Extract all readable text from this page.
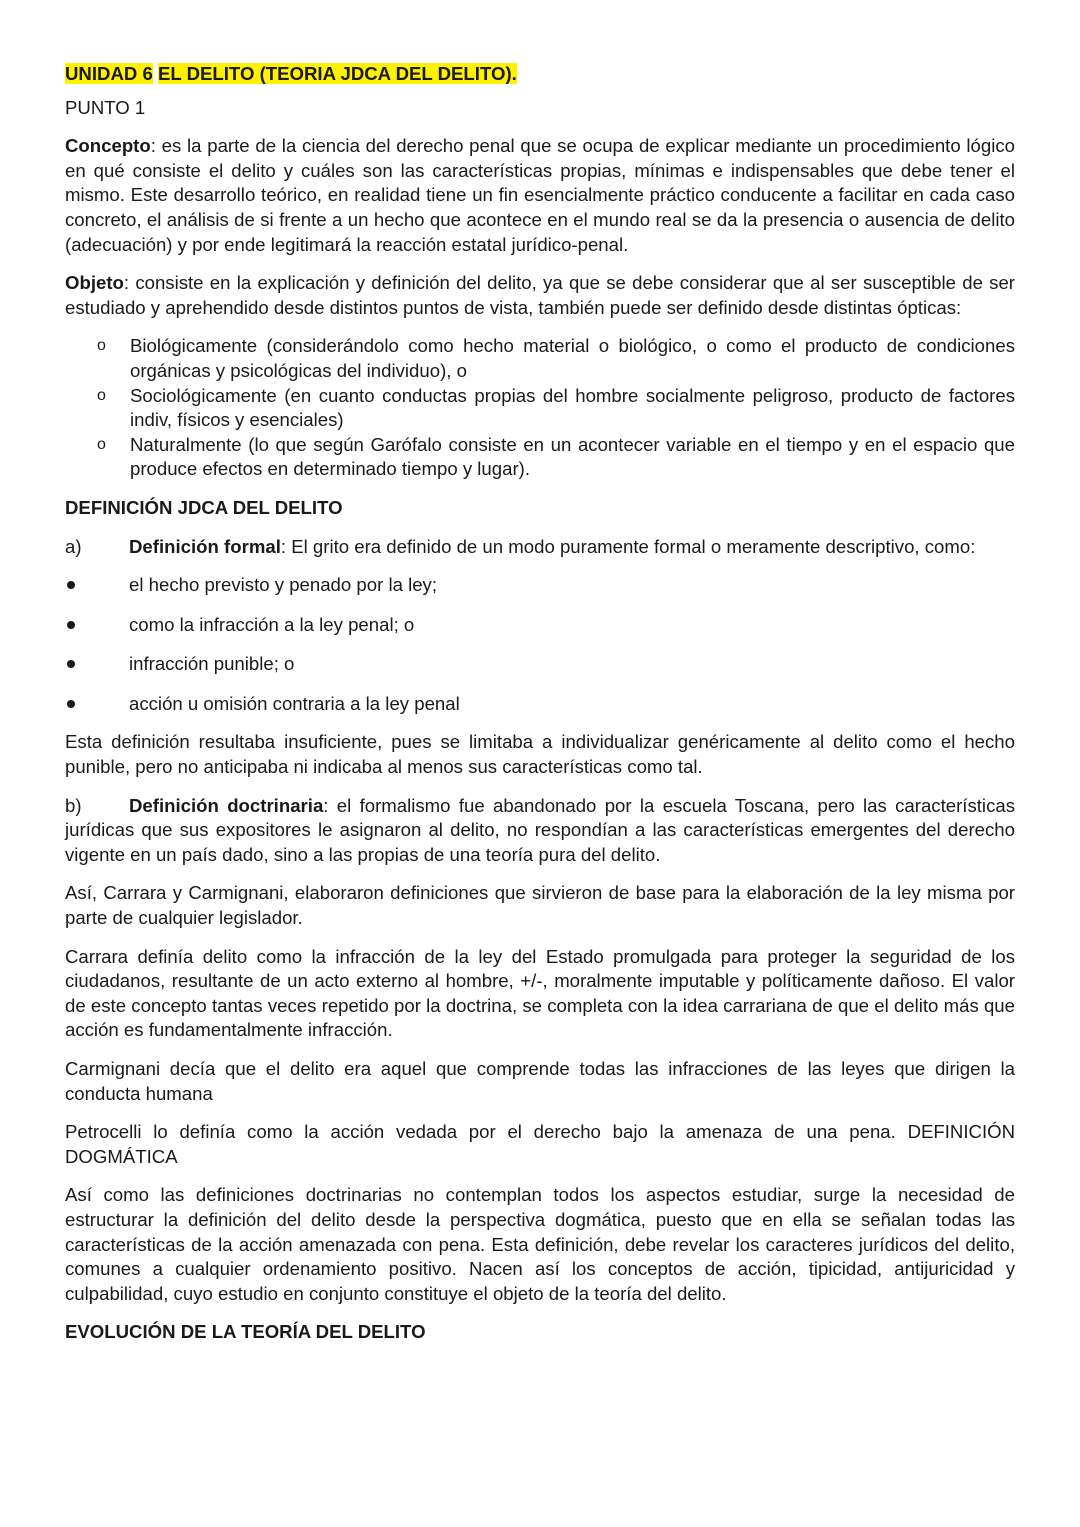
UNIDAD 6 EL DELITO (TEORIA JDCA DEL DELITO).

PUNTO 1

Concepto: es la parte de la ciencia del derecho penal que se ocupa de explicar mediante un procedimiento lógico en qué consiste el delito y cuáles son las características propias, mínimas e indispensables que debe tener el mismo. Este desarrollo teórico, en realidad tiene un fin esencialmente práctico conducente a facilitar en cada caso concreto, el análisis de si frente a un hecho que acontece en el mundo real se da la presencia o ausencia de delito (adecuación) y por ende legitimará la reacción estatal jurídico-penal.

Objeto: consiste en la explicación y definición del delito, ya que se debe considerar que al ser susceptible de ser estudiado y aprehendido desde distintos puntos de vista, también puede ser definido desde distintas ópticas:

o Biológicamente (considerándolo como hecho material o biológico, o como el producto de condiciones orgánicas y psicológicas del individuo), o
o Sociológicamente (en cuanto conductas propias del hombre socialmente peligroso, producto de factores indiv, físicos y esenciales)
o Naturalmente (lo que según Garófalo consiste en un acontecer variable en el tiempo y en el espacio que produce efectos en determinado tiempo y lugar).

DEFINICIÓN JDCA DEL DELITO

a)	Definición formal: El grito era definido de un modo puramente formal o meramente descriptivo, como:

el hecho previsto y penado por la ley;
como la infracción a la ley penal; o
infracción punible; o
acción u omisión contraria a la ley penal

Esta definición resultaba insuficiente, pues se limitaba a individualizar genéricamente al delito como el hecho punible, pero no anticipaba ni indicaba al menos sus características como tal.

b)	Definición doctrinaria: el formalismo fue abandonado por la escuela Toscana, pero las características jurídicas que sus expositores le asignaron al delito, no respondían a las características emergentes del derecho vigente en un país dado, sino a las propias de una teoría pura del delito.

Así, Carrara y Carmignani, elaboraron definiciones que sirvieron de base para la elaboración de la ley misma por parte de cualquier legislador.

Carrara definía delito como la infracción de la ley del Estado promulgada para proteger la seguridad de los ciudadanos, resultante de un acto externo al hombre, +/-, moralmente imputable y políticamente dañoso. El valor de este concepto tantas veces repetido por la doctrina, se completa con la idea carrariana de que el delito más que acción es fundamentalmente infracción.

Carmignani decía que el delito era aquel que comprende todas las infracciones de las leyes que dirigen la conducta humana

Petrocelli lo definía como la acción vedada por el derecho bajo la amenaza de una pena. DEFINICIÓN DOGMÁTICA

Así como las definiciones doctrinarias no contemplan todos los aspectos estudiar, surge la necesidad de estructurar la definición del delito desde la perspectiva dogmática, puesto que en ella se señalan todas las características de la acción amenazada con pena. Esta definición, debe revelar los caracteres jurídicos del delito, comunes a cualquier ordenamiento positivo. Nacen así los conceptos de acción, tipicidad, antijuricidad y culpabilidad, cuyo estudio en conjunto constituye el objeto de la teoría del delito.

EVOLUCIÓN DE LA TEORÍA DEL DELITO
